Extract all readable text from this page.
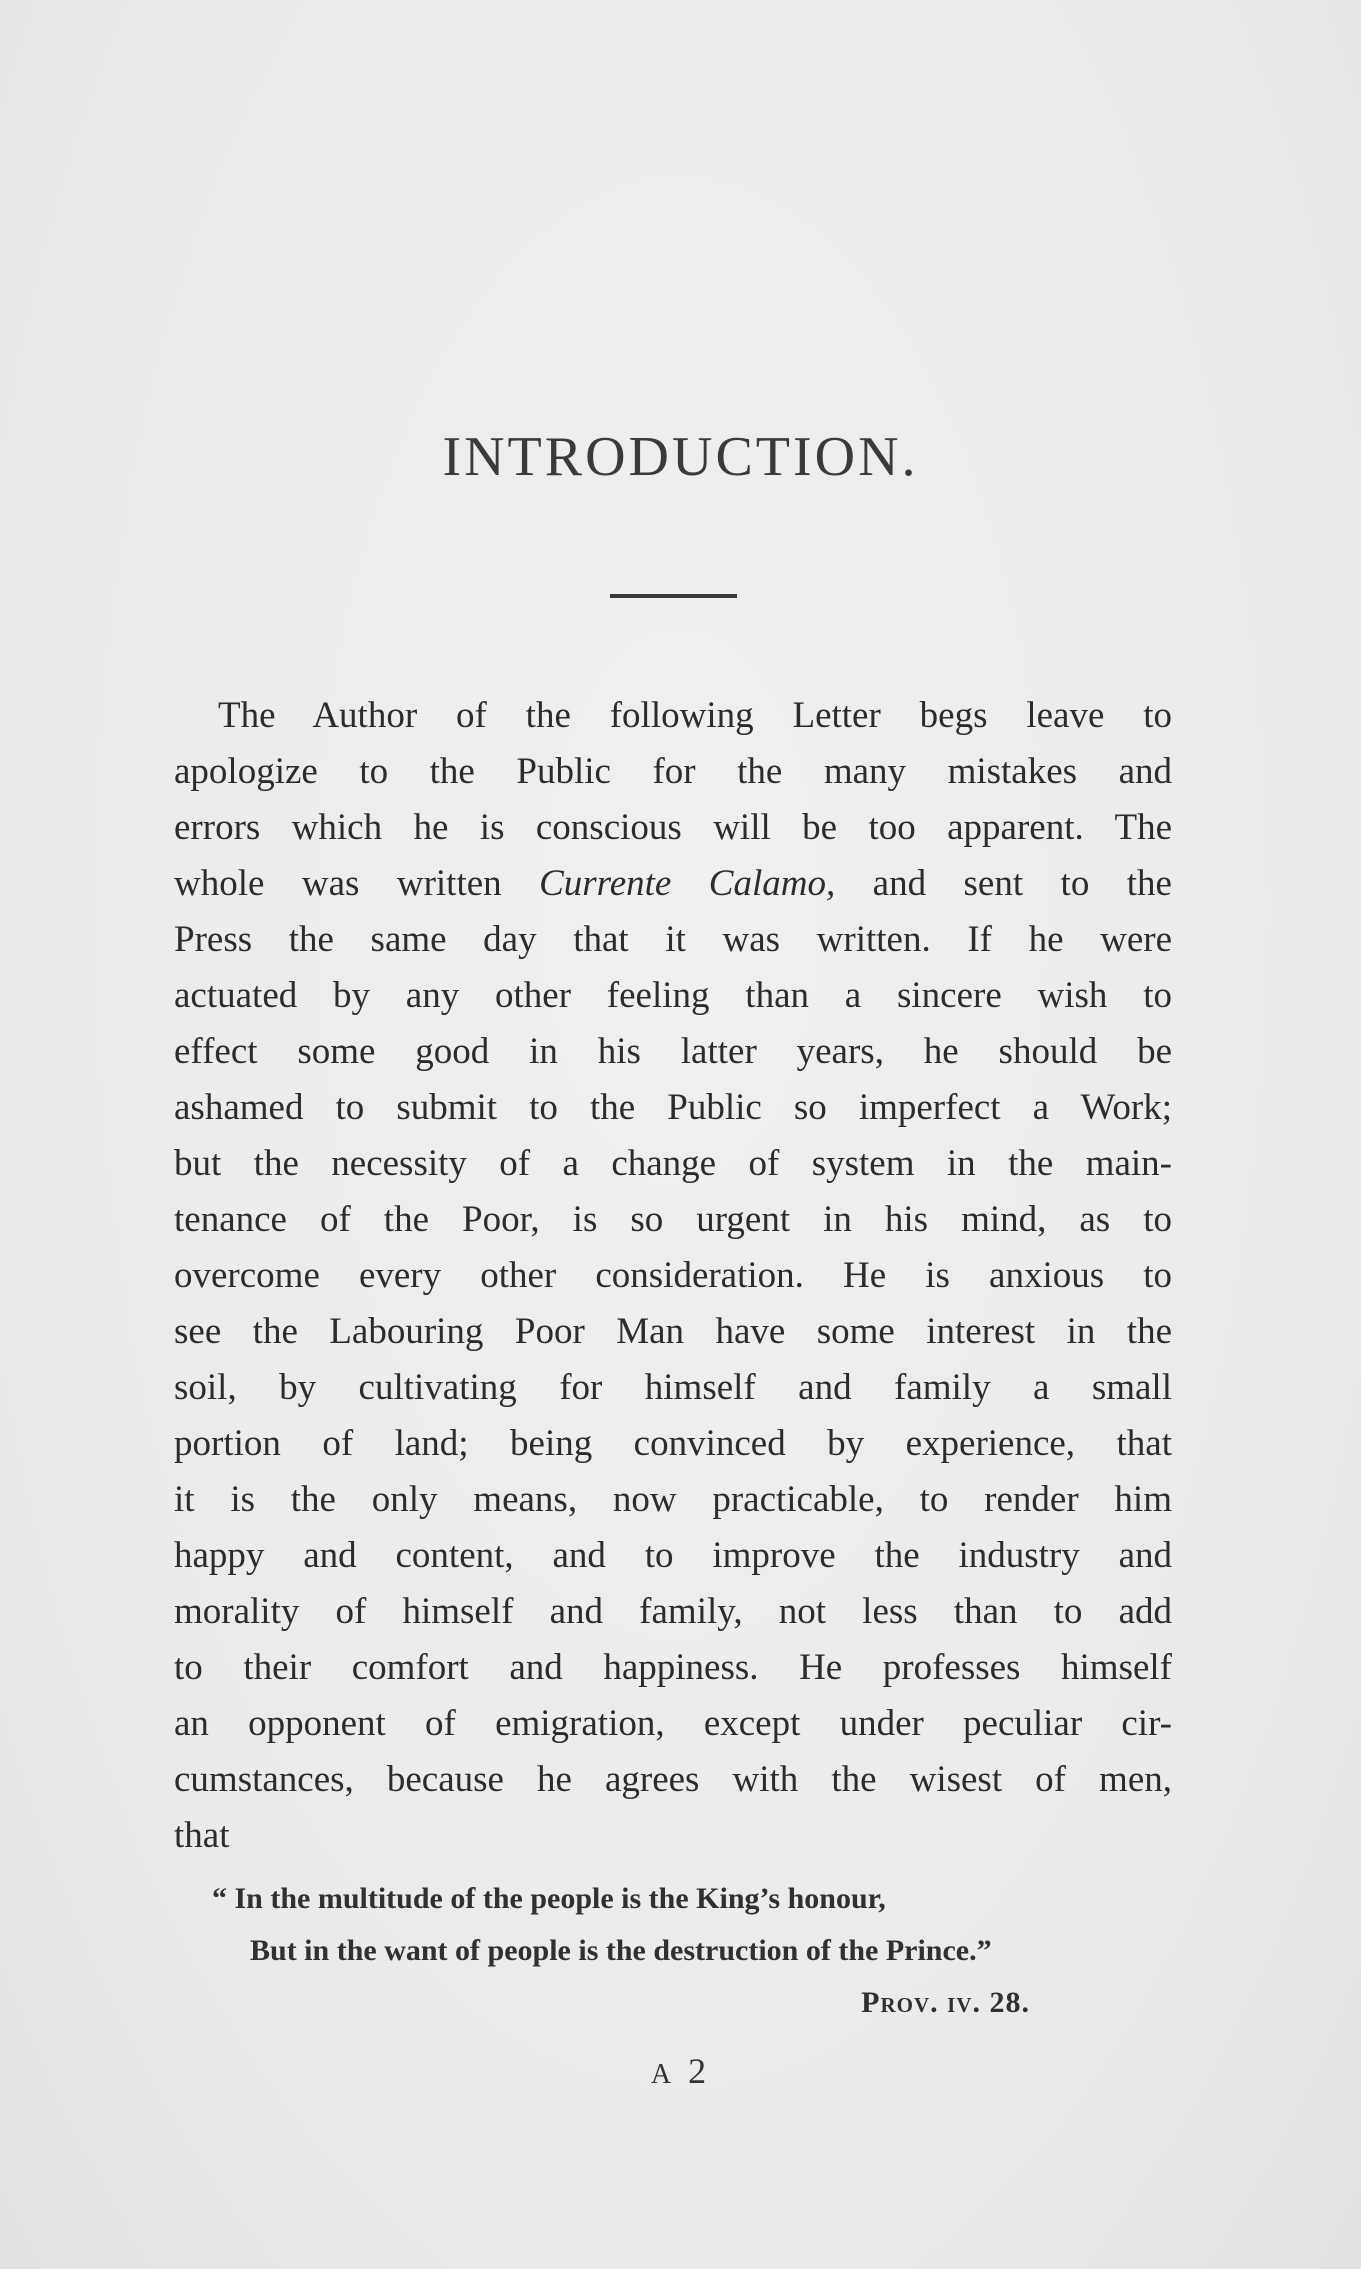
INTRODUCTION.
The Author of the following Letter begs leave to
apologize to the Public for the many mistakes and
errors which he is conscious will be too apparent. The
whole was written Currente Calamo, and sent to the
Press the same day that it was written. If he were
actuated by any other feeling than a sincere wish to
effect some good in his latter years, he should be
ashamed to submit to the Public so imperfect a Work;
but the necessity of a change of system in the main-
tenance of the Poor, is so urgent in his mind, as to
overcome every other consideration. He is anxious to
see the Labouring Poor Man have some interest in the
soil, by cultivating for himself and family a small
portion of land; being convinced by experience, that
it is the only means, now practicable, to render him
happy and content, and to improve the industry and
morality of himself and family, not less than to add
to their comfort and happiness. He professes himself
an opponent of emigration, except under peculiar cir-
cumstances, because he agrees with the wisest of men,
that
“ In the multitude of the people is the King’s honour,
But in the want of people is the destruction of the Prince.”
Prov. iv. 28.
A 2
